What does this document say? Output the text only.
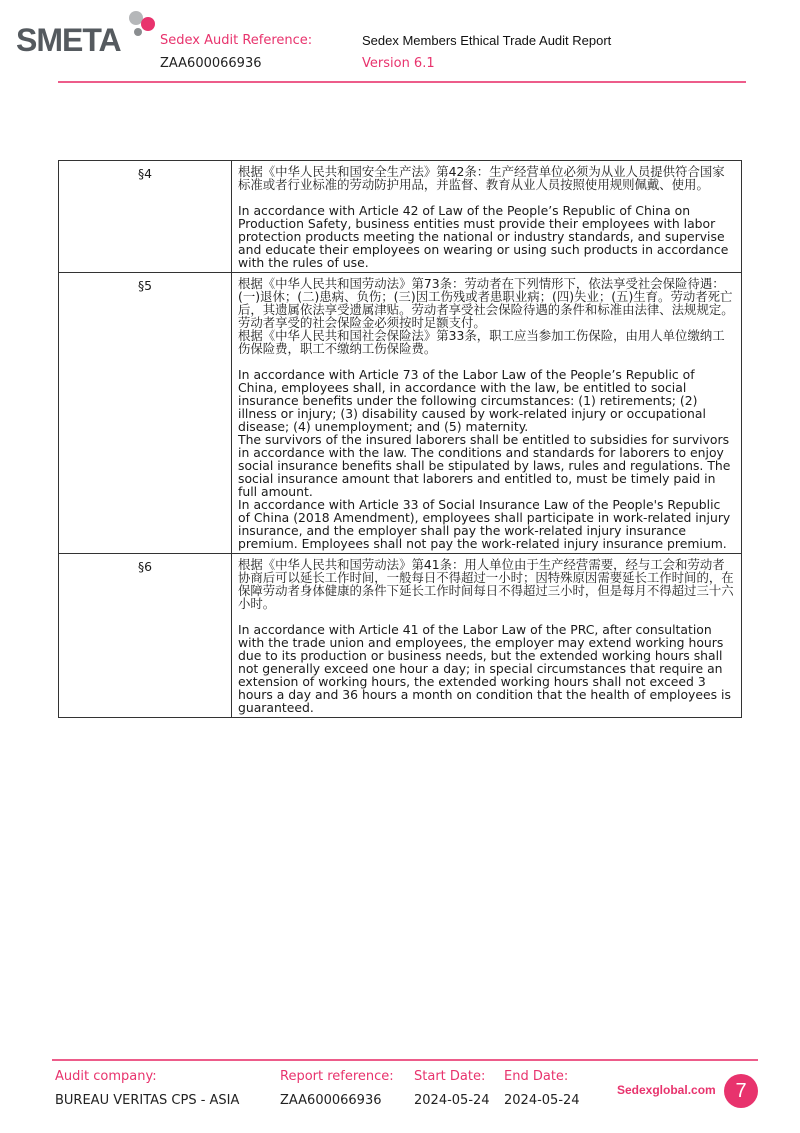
SMETA	Sedex Audit Reference:
ZAA600066936
Sedex Members Ethical Trade Audit Report
Version 6.1
§4	根据《中华人民共和国安全生产法》第42条：生产经营单位必须为从业人员提供符合国家标准或者行业标准的劳动防护用品，并监督、教育从业人员按照使用规则佩戴、使用。

In accordance with Article 42 of Law of the People’s Republic of China on Production Safety, business entities must provide their employees with labor protection products meeting the national or industry standards, and supervise and educate their employees on wearing or using such products in accordance with the rules of use.

§5	根据《中华人民共和国劳动法》第73条：劳动者在下列情形下，依法享受社会保险待遇：(一)退休；(二)患病、负伤；(三)因工伤残或者患职业病；(四)失业；(五)生育。劳动者死亡后，其遗属依法享受遗属津贴。劳动者享受社会保险待遇的条件和标准由法律、法规规定。劳动者享受的社会保险金必须按时足额支付。

根据《中华人民共和国社会保险法》第33条，职工应当参加工伤保险，由用人单位缴纳工伤保险费，职工不缴纳工伤保险费。

In accordance with Article 73 of the Labor Law of the People’s Republic of China, employees shall, in accordance with the law, be entitled to social insurance benefits under the following circumstances: (1) retirements; (2) illness or injury; (3) disability caused by work-related injury or occupational disease; (4) unemployment; and (5) maternity.

The survivors of the insured laborers shall be entitled to subsidies for survivors in accordance with the law. The conditions and standards for laborers to enjoy social insurance benefits shall be stipulated by laws, rules and regulations. The social insurance amount that laborers and entitled to, must be timely paid in full amount.

In accordance with Article 33 of Social Insurance Law of the People's Republic of China (2018 Amendment), employees shall participate in work-related injury insurance, and the employer shall pay the work-related injury insurance premium. Employees shall not pay the work-related injury insurance premium.

§6	根据《中华人民共和国劳动法》第41条：用人单位由于生产经营需要，经与工会和劳动者协商后可以延长工作时间，一般每日不得超过一小时；因特殊原因需要延长工作时间的，在保障劳动者身体健康的条件下延长工作时间每日不得超过三小时，但是每月不得超过三十六小时。

In accordance with Article 41 of the Labor Law of the PRC, after consultation with the trade union and employees, the employer may extend working hours due to its production or business needs, but the extended working hours shall not generally exceed one hour a day; in special circumstances that require an extension of working hours, the extended working hours shall not exceed 3 hours a day and 36 hours a month on condition that the health of employees is guaranteed.

Audit company:
BUREAU VERITAS CPS - ASIA
Report reference:
ZAA600066936
Start Date:
2024-05-24
End Date:
2024-05-24
Sedexglobal.com 7
